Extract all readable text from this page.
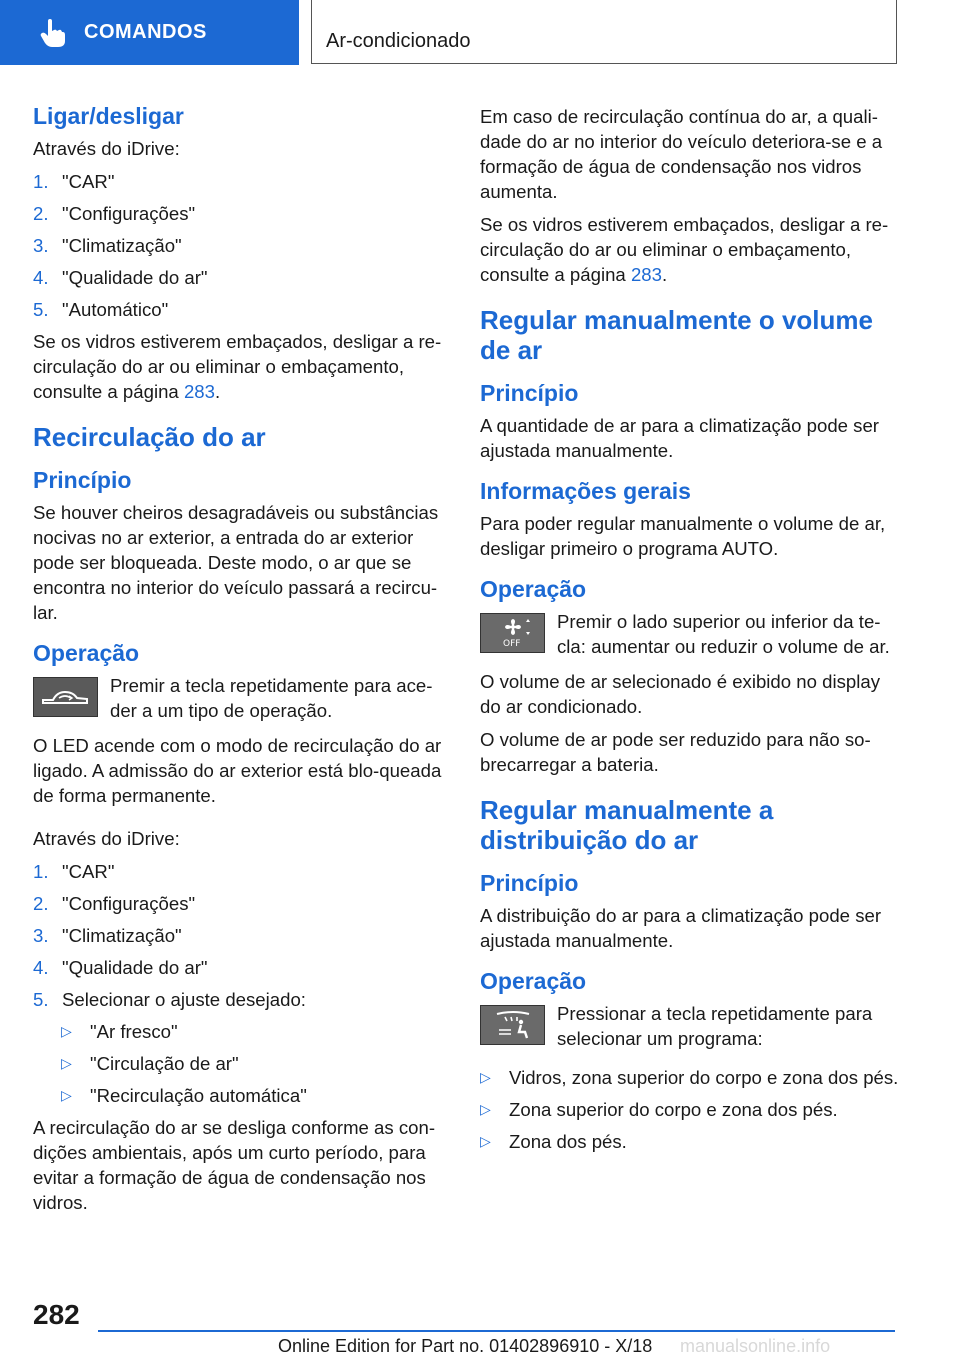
COMANDOS	Ar-condicionado
Ligar/desligar

Através do iDrive:

1. "CAR"
2. "Configurações"
3. "Climatização"
4. "Qualidade do ar"
5. "Automático"

Se os vidros estiverem embaçados, desligar a re-circulação do ar ou eliminar o embaçamento, consulte a página 283.

Recirculação do ar
Princípio

Se houver cheiros desagradáveis ou substâncias nocivas no ar exterior, a entrada do ar exterior pode ser bloqueada. Deste modo, o ar que se encontra no interior do veículo passará a recircu-lar.

Operação
Premir a tecla repetidamente para ace-der a um tipo de operação.

O LED acende com o modo de recirculação do ar ligado. A admissão do ar exterior está blo-queada de forma permanente.

Através do iDrive:

1. "CAR"
2. "Configurações"
3. "Climatização"
4. "Qualidade do ar"
5. Selecionar o ajuste desejado:
▷ "Ar fresco"
▷ "Circulação de ar"
▷ "Recirculação automática"

A recirculação do ar se desliga conforme as con-dições ambientais, após um curto período, para evitar a formação de água de condensação nos vidros.

Em caso de recirculação contínua do ar, a quali-dade do ar no interior do veículo deteriora-se e a formação de água de condensação nos vidros aumenta.

Se os vidros estiverem embaçados, desligar a re-circulação do ar ou eliminar o embaçamento, consulte a página 283.

Regular manualmente o volume de ar
Princípio

A quantidade de ar para a climatização pode ser ajustada manualmente.

Informações gerais

Para poder regular manualmente o volume de ar, desligar primeiro o programa AUTO.

Operação
OFF
Premir o lado superior ou inferior da te-cla: aumentar ou reduzir o volume de ar.

O volume de ar selecionado é exibido no display do ar condicionado.

O volume de ar pode ser reduzido para não so-brecarregar a bateria.

Regular manualmente a distribuição do ar
Princípio

A distribuição do ar para a climatização pode ser ajustada manualmente.

Operação
Pressionar a tecla repetidamente para selecionar um programa:
▷ Vidros, zona superior do corpo e zona dos pés.
▷ Zona superior do corpo e zona dos pés.
▷ Zona dos pés.
282
Online Edition for Part no. 01402896910 - X/18 manualsonline.info
